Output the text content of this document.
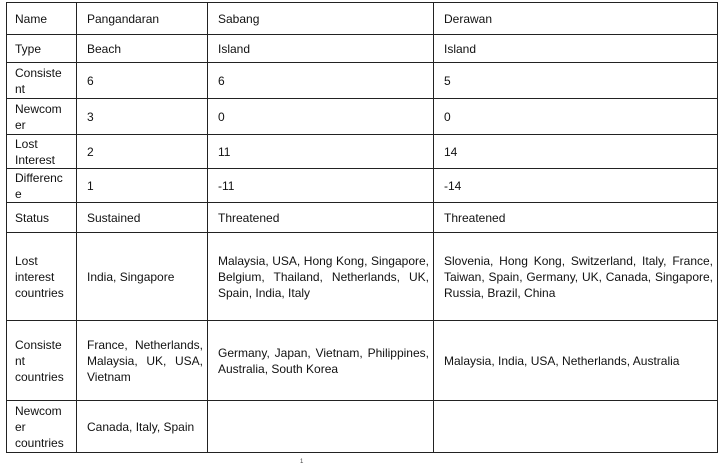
Name	Pangandaran	Sabang	Derawan
Type	Beach	Island	Island
Consiste
nt	6	6	5
Newcom
er	3	0	0
Lost
Interest	2	11	14
Differenc
e	1	-11	-14
Status	Sustained	Threatened	Threatened
Lost
interest
countries	India, Singapore	Malaysia, USA, Hong Kong, Singapore, Belgium, Thailand, Netherlands, UK, Spain, India, Italy	Slovenia, Hong Kong, Switzerland, Italy, France, Taiwan, Spain, Germany, UK, Canada, Singapore, Russia, Brazil, China
Consiste
nt
countries	France, Netherlands, Malaysia, UK, USA, Vietnam	Germany, Japan, Vietnam, Philippines, Australia, South Korea	Malaysia, India, USA, Netherlands, Australia
Newcom
er
countries	Canada, Italy, Spain		
1
